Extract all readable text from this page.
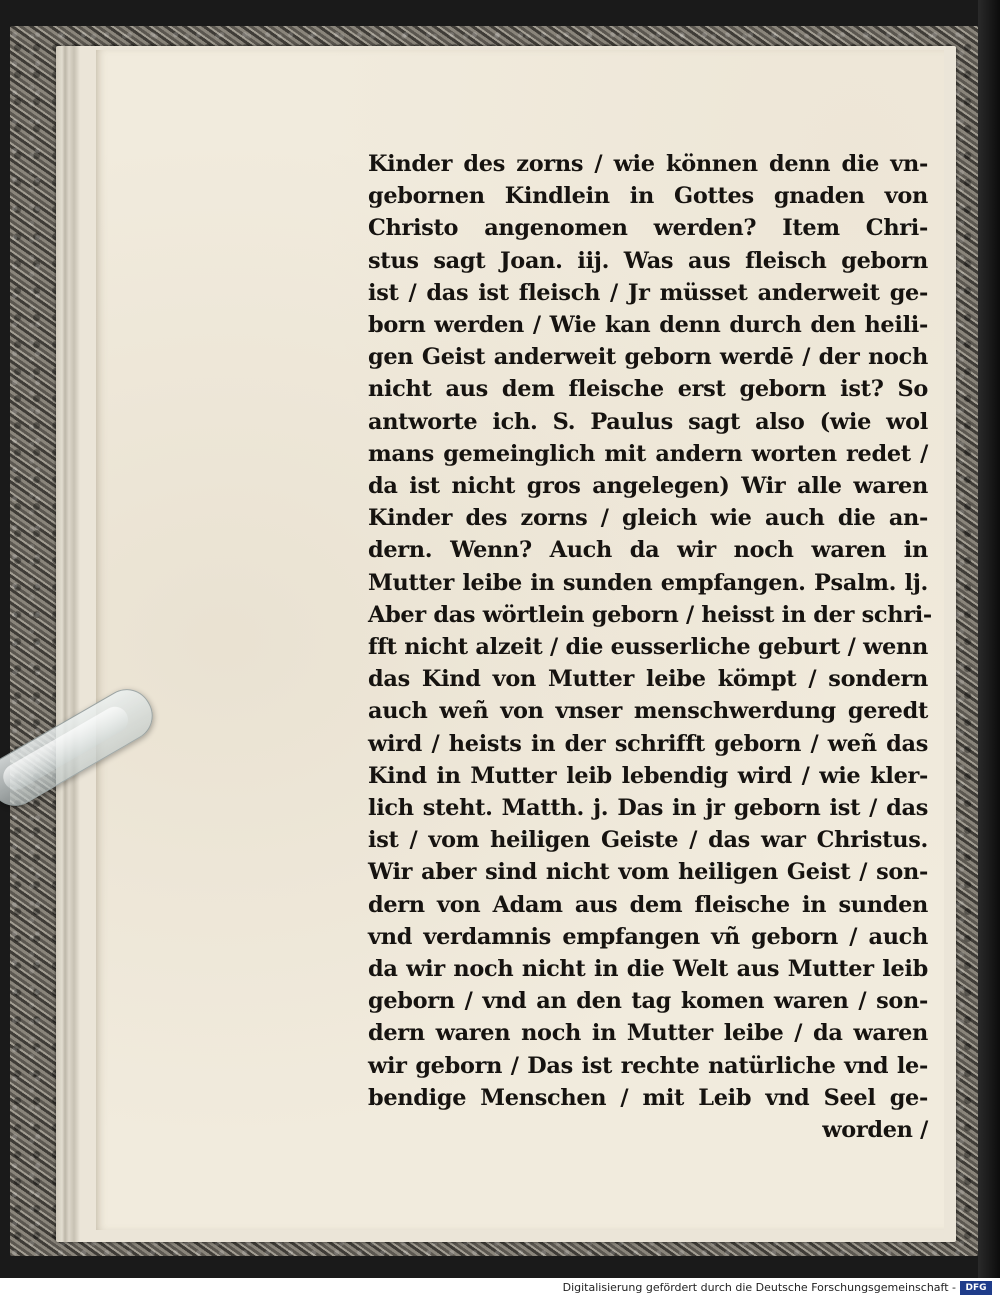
Kinder des zorns / wie können denn die vn-
gebornen Kindlein in Gottes gnaden von
Christo angenomen werden? Item Chri-
stus sagt Joan. iij. Was aus fleisch geborn
ist / das ist fleisch / Jr müsset anderweit ge-
born werden / Wie kan denn durch den heili-
gen Geist anderweit geborn werdē / der noch
nicht aus dem fleische erst geborn ist? So
antworte ich. S. Paulus sagt also (wie wol
mans gemeinglich mit andern worten redet /
da ist nicht gros angelegen) Wir alle waren
Kinder des zorns / gleich wie auch die an-
dern. Wenn? Auch da wir noch waren in
Mutter leibe in sunden empfangen. Psalm. lj.
Aber das wörtlein geborn / heisst in der schri-
fft nicht alzeit / die eusserliche geburt / wenn
das Kind von Mutter leibe kömpt / sondern
auch weñ von vnser menschwerdung geredt
wird / heists in der schrifft geborn / weñ das
Kind in Mutter leib lebendig wird / wie kler-
lich steht. Matth. j. Das in jr geborn ist / das
ist / vom heiligen Geiste / das war Christus.
Wir aber sind nicht vom heiligen Geist / son-
dern von Adam aus dem fleische in sunden
vnd verdamnis empfangen vñ geborn / auch
da wir noch nicht in die Welt aus Mutter leib
geborn / vnd an den tag komen waren / son-
dern waren noch in Mutter leibe / da waren
wir geborn / Das ist rechte natürliche vnd le-
bendige Menschen / mit Leib vnd Seel ge-
worden /
Digitalisierung gefördert durch die Deutsche Forschungsgemeinschaft -	DFG
